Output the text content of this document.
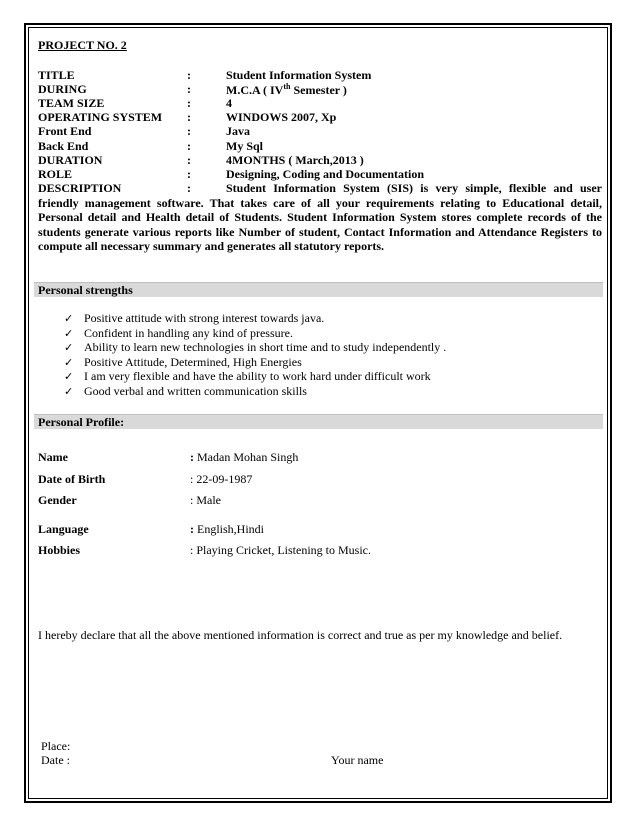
PROJECT NO. 2
TITLE	:	Student Information System
DURING	:	M.C.A ( IVth Semester )
TEAM SIZE	:	4
OPERATING SYSTEM :	WINDOWS 2007, Xp
Front End	:	Java
Back End	:	My Sql
DURATION	:	4MONTHS ( March,2013 )
ROLE	:	Designing, Coding and Documentation
DESCRIPTION	:	Student Information System (SIS) is very simple, flexible and user friendly management software. That takes care of all your requirements relating to Educational detail, Personal detail and Health detail of Students. Student Information System stores complete records of the students generate various reports like Number of student, Contact Information and Attendance Registers to compute all necessary summary and generates all statutory reports.
Personal strengths
✓ Positive attitude with strong interest towards java.
✓ Confident in handling any kind of pressure.
✓ Ability to learn new technologies in short time and to study independently .
✓ Positive Attitude, Determined, High Energies
✓ I am very flexible and have the ability to work hard under difficult work
✓ Good verbal and written communication skills
Personal Profile:
Name	: Madan Mohan Singh
Date of Birth	: 22-09-1987
Gender	: Male
Language	: English,Hindi
Hobbies	: Playing Cricket, Listening to Music.
I hereby declare that all the above mentioned information is correct and true as per my knowledge and belief.
Place:
Date :	Your name
